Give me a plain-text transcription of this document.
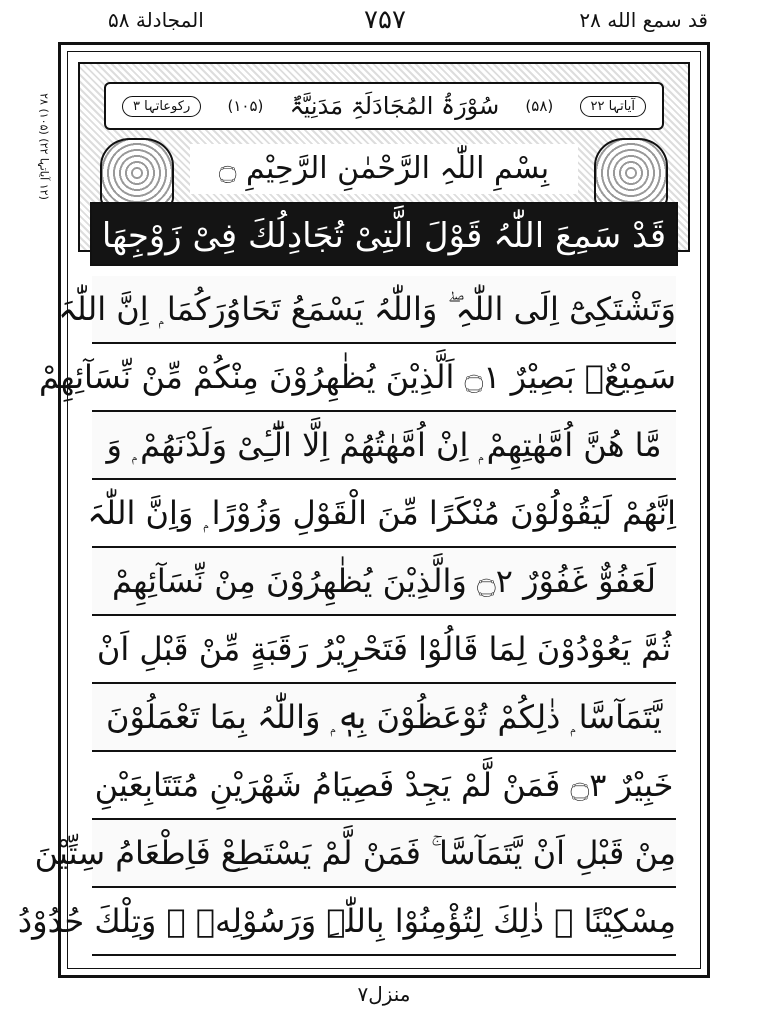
قد سمع الله ۲۸
۷۵۷
المجادلة ۵۸
(۱۲ آیاتہا ۲۲) (۱۰۵) ۲۸
آیاتہا ۲۲
(۵۸)
سُوْرَۃُ المُجَادَلَۃِ مَدَنِیَّۃٌ
(۱۰۵)
رکوعاتہا ۳
بِسْمِ اللّٰہِ الرَّحْمٰنِ الرَّحِیْمِ ۝
قَدْ سَمِعَ اللّٰہُ قَوْلَ الَّتِیْ تُجَادِلُكَ فِیْ زَوْجِهَا
وَتَشْتَكِیْٓ اِلَى اللّٰہِ ۖ وَاللّٰہُ یَسْمَعُ تَحَاوُرَكُمَا ۭ اِنَّ اللّٰہَ
سَمِیْعٌۢ بَصِیْرٌ ۝۱ اَلَّذِیْنَ یُظٰهِرُوْنَ مِنْكُمْ مِّنْ نِّسَآئِهِمْ
مَّا هُنَّ اُمَّهٰتِهِمْ ۭ اِنْ اُمَّهٰتُهُمْ اِلَّا الّٰٓـِٔیْ وَلَدْنَهُمْ ۭ وَ
اِنَّهُمْ لَیَقُوْلُوْنَ مُنْكَرًا مِّنَ الْقَوْلِ وَزُوْرًا ۭ وَاِنَّ اللّٰہَ
لَعَفُوٌّ غَفُوْرٌ ۝۲ وَالَّذِیْنَ یُظٰهِرُوْنَ مِنْ نِّسَآئِهِمْ
ثُمَّ یَعُوْدُوْنَ لِمَا قَالُوْا فَتَحْرِیْرُ رَقَبَةٍ مِّنْ قَبْلِ اَنْ
یَّتَمَآسَّا ۭ ذٰلِكُمْ تُوْعَظُوْنَ بِهٖ ۭ وَاللّٰہُ بِمَا تَعْمَلُوْنَ
خَبِیْرٌ ۝۳ فَمَنْ لَّمْ یَجِدْ فَصِیَامُ شَهْرَیْنِ مُتَتَابِعَیْنِ
مِنْ قَبْلِ اَنْ یَّتَمَآسَّا ۚ فَمَنْ لَّمْ یَسْتَطِعْ فَاِطْعَامُ سِتِّیْنَ
مِسْكِیْنًا ۭ ذٰلِكَ لِتُؤْمِنُوْا بِاللّٰہِ وَرَسُوْلِهٖ ۭ وَتِلْكَ حُدُوْدُ
منزل۷
